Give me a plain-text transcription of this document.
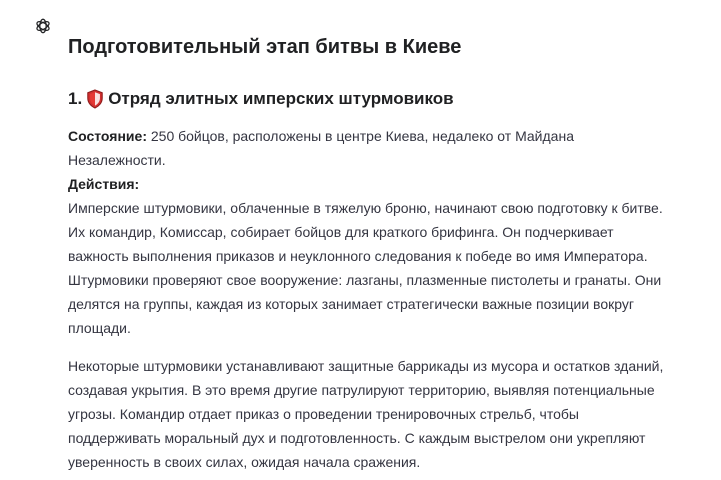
Подготовительный этап битвы в Киеве
1. Отряд элитных имперских штурмовиков

Состояние: 250 бойцов, расположены в центре Киева, недалеко от Майдана Незалежности.

Действия:

Имперские штурмовики, облаченные в тяжелую броню, начинают свою подготовку к битве. Их командир, Комиссар, собирает бойцов для краткого брифинга. Он подчеркивает важность выполнения приказов и неуклонного следования к победе во имя Императора. Штурмовики проверяют свое вооружение: лазганы, плазменные пистолеты и гранаты. Они делятся на группы, каждая из которых занимает стратегически важные позиции вокруг площади.

Некоторые штурмовики устанавливают защитные баррикады из мусора и остатков зданий, создавая укрытия. В это время другие патрулируют территорию, выявляя потенциальные угрозы. Командир отдает приказ о проведении тренировочных стрельб, чтобы поддерживать моральный дух и подготовленность. С каждым выстрелом они укрепляют уверенность в своих силах, ожидая начала сражения.
